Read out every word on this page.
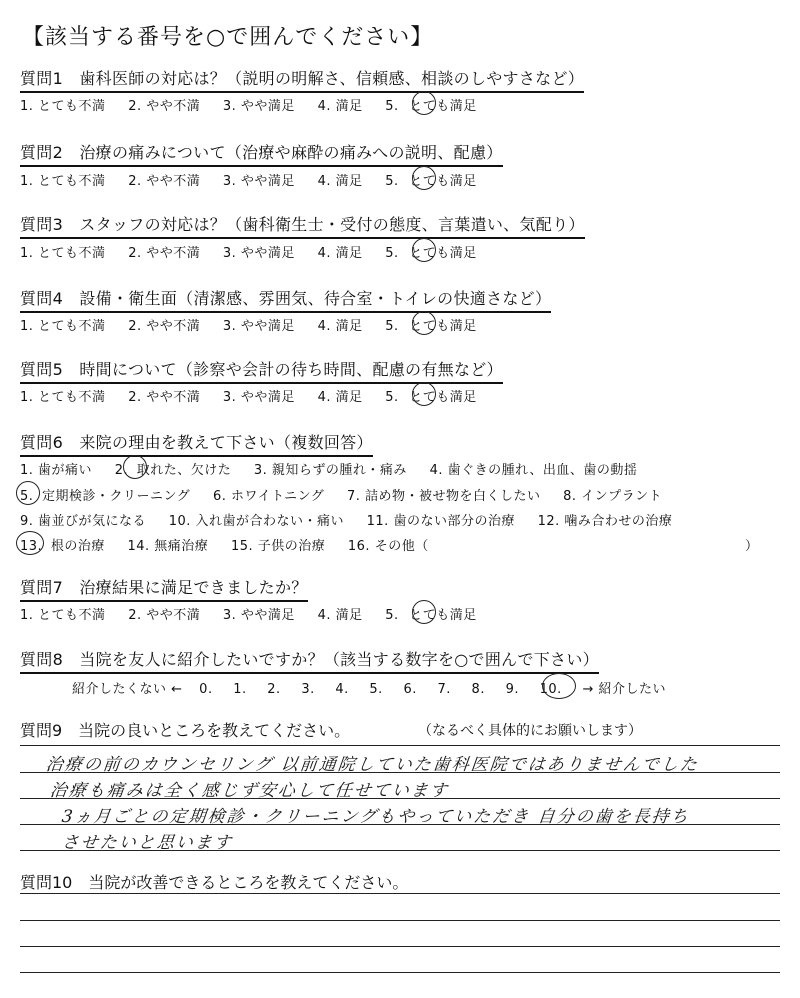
【該当する番号を○で囲んでください】
質問1　歯科医師の対応は？（説明の明解さ、信頼感、相談のしやすさなど）
1. とても不満 2. やや不満 3. やや満足 4. 満足 5. とても満足
質問2　治療の痛みについて（治療や麻酔の痛みへの説明、配慮）
1. とても不満 2. やや不満 3. やや満足 4. 満足 5. とても満足
質問3　スタッフの対応は？（歯科衛生士・受付の態度、言葉遣い、気配り）
1. とても不満 2. やや不満 3. やや満足 4. 満足 5. とても満足
質問4　設備・衛生面（清潔感、雰囲気、待合室・トイレの快適さなど）
1. とても不満 2. やや不満 3. やや満足 4. 満足 5. とても満足
質問5　時間について（診察や会計の待ち時間、配慮の有無など）
1. とても不満 2. やや不満 3. やや満足 4. 満足 5. とても満足
質問6　来院の理由を教えて下さい（複数回答）
1. 歯が痛い 2. 取れた、欠けた 3. 親知らずの腫れ・痛み 4. 歯ぐきの腫れ、出血、歯の動揺
5. 定期検診・クリーニング 6. ホワイトニング 7. 詰め物・被せ物を白くしたい 8. インプラント
9. 歯並びが気になる 10. 入れ歯が合わない・痛い 11. 歯のない部分の治療 12. 噛み合わせの治療
13. 根の治療 14. 無痛治療 15. 子供の治療 16. その他（	）
質問7　治療結果に満足できましたか？
1. とても不満 2. やや不満 3. やや満足 4. 満足 5. とても満足
質問8　当院を友人に紹介したいですか？（該当する数字を○で囲んで下さい）
紹介したくない ← 0. 1. 2. 3. 4. 5. 6. 7. 8. 9. 10. → 紹介したい
質問9　当院の良いところを教えてください。	（なるべく具体的にお願いします）
治療の前のカウンセリング 以前通院していた歯科医院ではありませんでした
治療も痛みは全く感じず安心して任せています
3ヵ月ごとの定期検診・クリーニングもやっていただき 自分の歯を長持ち
させたいと思います
質問10　当院が改善できるところを教えてください。
